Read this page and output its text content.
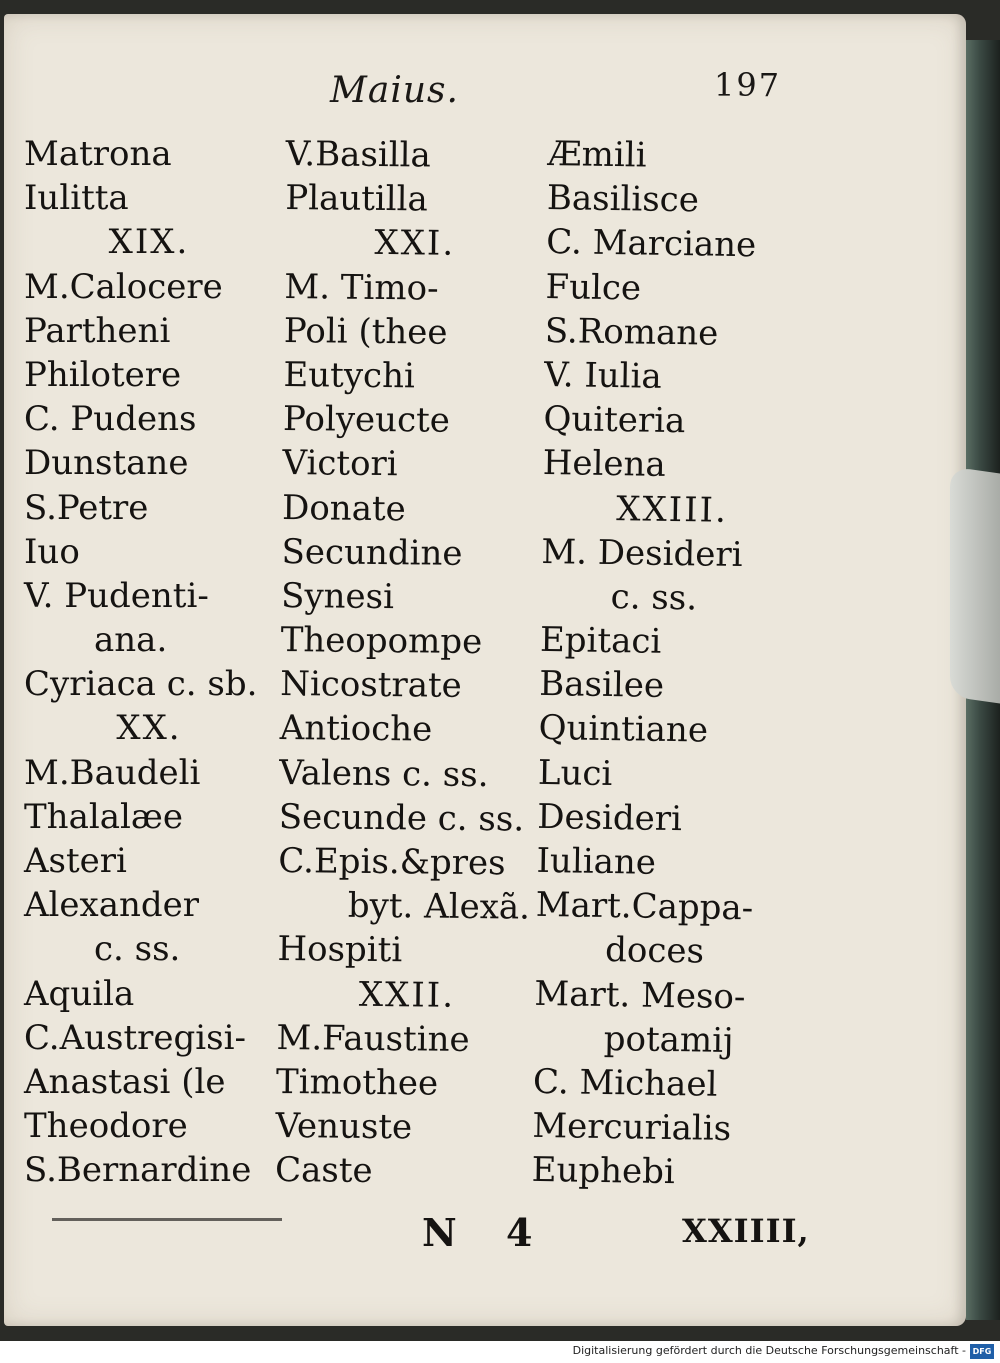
Maius.	197
Matrona
Iulitta
XIX.
M.Calocere
Partheni
Philotere
C. Pudens
Dunstane
S.Petre
Iuo
V. Pudenti-
ana.
Cyriaca c. sb.
XX.
M.Baudeli
Thalalæe
Asteri
Alexander
c. ss.
Aquila
C.Austregisi-
Anastasi (le
Theodore
S.Bernardine
V.Basilla
Plautilla
XXI.
M. Timo-
Poli (thee
Eutychi
Polyeucte
Victori
Donate
Secundine
Synesi
Theopompe
Nicostrate
Antioche
Valens c. ss.
Secunde c. ss.
C.Epis.&pres
byt. Alexã.
Hospiti
XXII.
M.Faustine
Timothee
Venuste
Caste
Æmili
Basilisce
C. Marciane
Fulce
S.Romane
V. Iulia
Quiteria
Helena
XXIII.
M. Desideri
c. ss.
Epitaci
Basilee
Quintiane
Luci
Desideri
Iuliane
Mart.Cappa-
doces
Mart. Meso-
potamij
C. Michael
Mercurialis
Euphebi
N 4	XXIIII,
Digitalisierung gefördert durch die Deutsche Forschungsgemeinschaft - DFG
